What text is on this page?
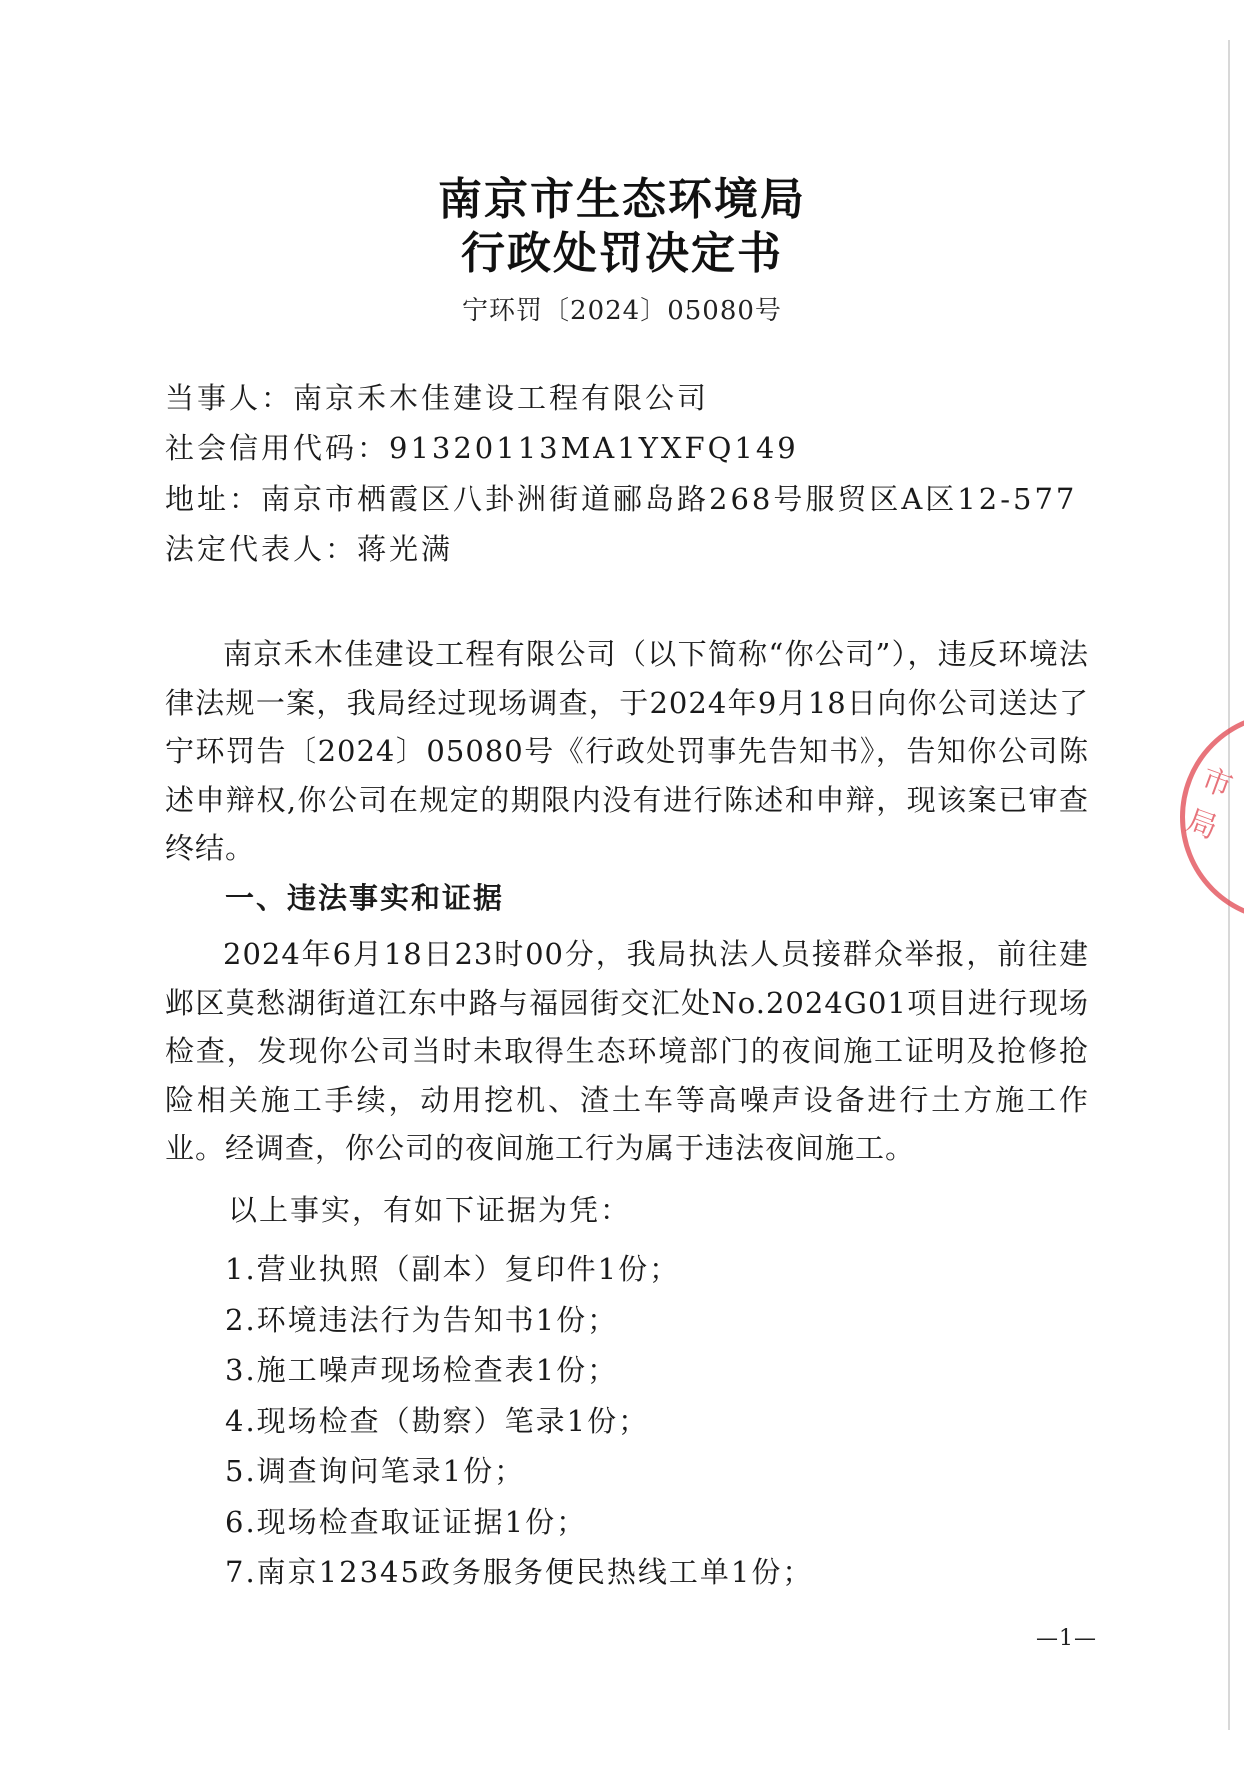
南京市生态环境局
行政处罚决定书
宁环罚〔2024〕05080号
当事人：南京禾木佳建设工程有限公司
社会信用代码：91320113MA1YXFQ149
地址：南京市栖霞区八卦洲街道郦岛路268号服贸区A区12-577
法定代表人：蒋光满

南京禾木佳建设工程有限公司（以下简称“你公司”），违反环境法律法规一案，我局经过现场调查，于2024年9月18日向你公司送达了宁环罚告〔2024〕05080号《行政处罚事先告知书》，告知你公司陈述申辩权,你公司在规定的期限内没有进行陈述和申辩，现该案已审查终结。

一、违法事实和证据

2024年6月18日23时00分，我局执法人员接群众举报，前往建邺区莫愁湖街道江东中路与福园街交汇处No.2024G01项目进行现场检查，发现你公司当时未取得生态环境部门的夜间施工证明及抢修抢险相关施工手续，动用挖机、渣土车等高噪声设备进行土方施工作业。经调查，你公司的夜间施工行为属于违法夜间施工。

以上事实，有如下证据为凭：
1.营业执照（副本）复印件1份；
2.环境违法行为告知书1份；
3.施工噪声现场检查表1份；
4.现场检查（勘察）笔录1份；
5.调查询问笔录1份；
6.现场检查取证证据1份；
7.南京12345政务服务便民热线工单1份；
—1—
市 局
